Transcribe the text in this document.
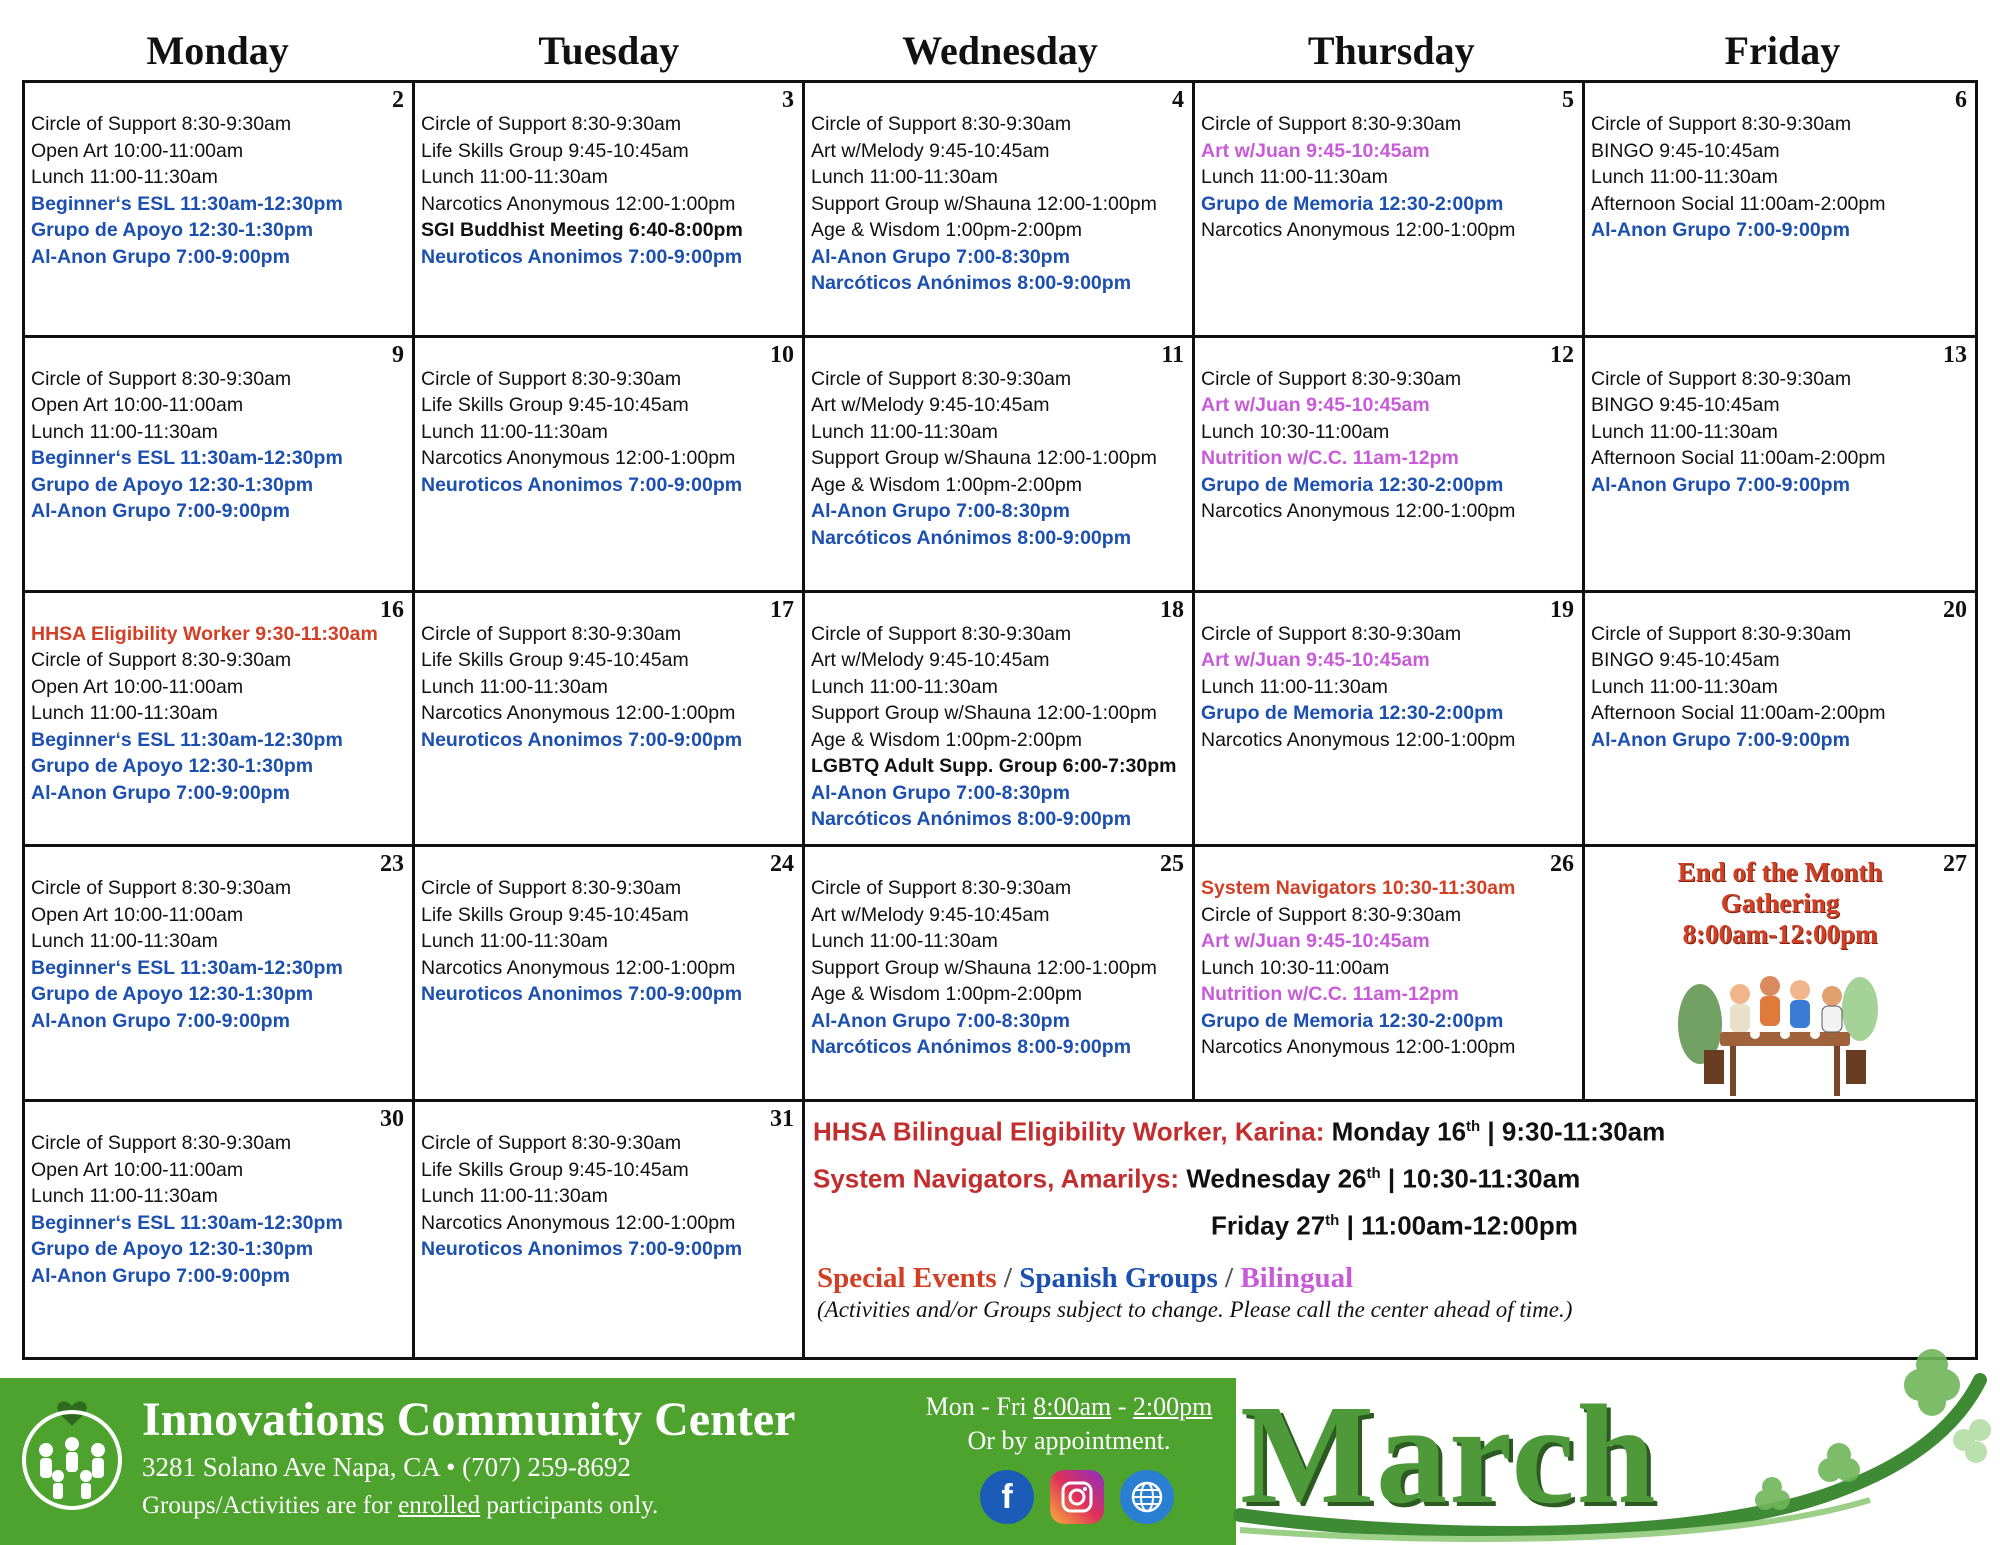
Monday	Tuesday	Wednesday	Thursday	Friday
2
Circle of Support 8:30-9:30am
Open Art 10:00-11:00am
Lunch 11:00-11:30am
Beginner‘s ESL 11:30am-12:30pm
Grupo de Apoyo 12:30-1:30pm
Al-Anon Grupo 7:00-9:00pm
3
Circle of Support 8:30-9:30am
Life Skills Group 9:45-10:45am
Lunch 11:00-11:30am
Narcotics Anonymous 12:00-1:00pm
SGI Buddhist Meeting 6:40-8:00pm
Neuroticos Anonimos 7:00-9:00pm
4
Circle of Support 8:30-9:30am
Art w/Melody 9:45-10:45am
Lunch 11:00-11:30am
Support Group w/Shauna 12:00-1:00pm
Age & Wisdom 1:00pm-2:00pm
Al-Anon Grupo 7:00-8:30pm
Narcóticos Anónimos 8:00-9:00pm
5
Circle of Support 8:30-9:30am
Art w/Juan 9:45-10:45am
Lunch 11:00-11:30am
Grupo de Memoria 12:30-2:00pm
Narcotics Anonymous 12:00-1:00pm
6
Circle of Support 8:30-9:30am
BINGO 9:45-10:45am
Lunch 11:00-11:30am
Afternoon Social 11:00am-2:00pm
Al-Anon Grupo 7:00-9:00pm
9
Circle of Support 8:30-9:30am
Open Art 10:00-11:00am
Lunch 11:00-11:30am
Beginner‘s ESL 11:30am-12:30pm
Grupo de Apoyo 12:30-1:30pm
Al-Anon Grupo 7:00-9:00pm
10
Circle of Support 8:30-9:30am
Life Skills Group 9:45-10:45am
Lunch 11:00-11:30am
Narcotics Anonymous 12:00-1:00pm
Neuroticos Anonimos 7:00-9:00pm
11
Circle of Support 8:30-9:30am
Art w/Melody 9:45-10:45am
Lunch 11:00-11:30am
Support Group w/Shauna 12:00-1:00pm
Age & Wisdom 1:00pm-2:00pm
Al-Anon Grupo 7:00-8:30pm
Narcóticos Anónimos 8:00-9:00pm
12
Circle of Support 8:30-9:30am
Art w/Juan 9:45-10:45am
Lunch 10:30-11:00am
Nutrition w/C.C. 11am-12pm
Grupo de Memoria 12:30-2:00pm
Narcotics Anonymous 12:00-1:00pm
13
Circle of Support 8:30-9:30am
BINGO 9:45-10:45am
Lunch 11:00-11:30am
Afternoon Social 11:00am-2:00pm
Al-Anon Grupo 7:00-9:00pm
16
HHSA Eligibility Worker 9:30-11:30am
Circle of Support 8:30-9:30am
Open Art 10:00-11:00am
Lunch 11:00-11:30am
Beginner‘s ESL 11:30am-12:30pm
Grupo de Apoyo 12:30-1:30pm
Al-Anon Grupo 7:00-9:00pm
17
Circle of Support 8:30-9:30am
Life Skills Group 9:45-10:45am
Lunch 11:00-11:30am
Narcotics Anonymous 12:00-1:00pm
Neuroticos Anonimos 7:00-9:00pm
18
Circle of Support 8:30-9:30am
Art w/Melody 9:45-10:45am
Lunch 11:00-11:30am
Support Group w/Shauna 12:00-1:00pm
Age & Wisdom 1:00pm-2:00pm
LGBTQ Adult Supp. Group 6:00-7:30pm
Al-Anon Grupo 7:00-8:30pm
Narcóticos Anónimos 8:00-9:00pm
19
Circle of Support 8:30-9:30am
Art w/Juan 9:45-10:45am
Lunch 11:00-11:30am
Grupo de Memoria 12:30-2:00pm
Narcotics Anonymous 12:00-1:00pm
20
Circle of Support 8:30-9:30am
BINGO 9:45-10:45am
Lunch 11:00-11:30am
Afternoon Social 11:00am-2:00pm
Al-Anon Grupo 7:00-9:00pm
23
Circle of Support 8:30-9:30am
Open Art 10:00-11:00am
Lunch 11:00-11:30am
Beginner‘s ESL 11:30am-12:30pm
Grupo de Apoyo 12:30-1:30pm
Al-Anon Grupo 7:00-9:00pm
24
Circle of Support 8:30-9:30am
Life Skills Group 9:45-10:45am
Lunch 11:00-11:30am
Narcotics Anonymous 12:00-1:00pm
Neuroticos Anonimos 7:00-9:00pm
25
Circle of Support 8:30-9:30am
Art w/Melody 9:45-10:45am
Lunch 11:00-11:30am
Support Group w/Shauna 12:00-1:00pm
Age & Wisdom 1:00pm-2:00pm
Al-Anon Grupo 7:00-8:30pm
Narcóticos Anónimos 8:00-9:00pm
26
System Navigators 10:30-11:30am
Circle of Support 8:30-9:30am
Art w/Juan 9:45-10:45am
Lunch 10:30-11:00am
Nutrition w/C.C. 11am-12pm
Grupo de Memoria 12:30-2:00pm
Narcotics Anonymous 12:00-1:00pm
27
End of the Month
Gathering
8:00am-12:00pm
30
Circle of Support 8:30-9:30am
Open Art 10:00-11:00am
Lunch 11:00-11:30am
Beginner‘s ESL 11:30am-12:30pm
Grupo de Apoyo 12:30-1:30pm
Al-Anon Grupo 7:00-9:00pm
31
Circle of Support 8:30-9:30am
Life Skills Group 9:45-10:45am
Lunch 11:00-11:30am
Narcotics Anonymous 12:00-1:00pm
Neuroticos Anonimos 7:00-9:00pm
HHSA Bilingual Eligibility Worker, Karina: Monday 16th | 9:30-11:30am
System Navigators, Amarilys: Wednesday 26th | 10:30-11:30am
Friday 27th | 11:00am-12:00pm
Special Events / Spanish Groups / Bilingual
(Activities and/or Groups subject to change. Please call the center ahead of time.)
Innovations Community Center
3281 Solano Ave Napa, CA • (707) 259-8692
Groups/Activities are for enrolled participants only.
Mon - Fri 8:00am - 2:00pm
Or by appointment.
f March
